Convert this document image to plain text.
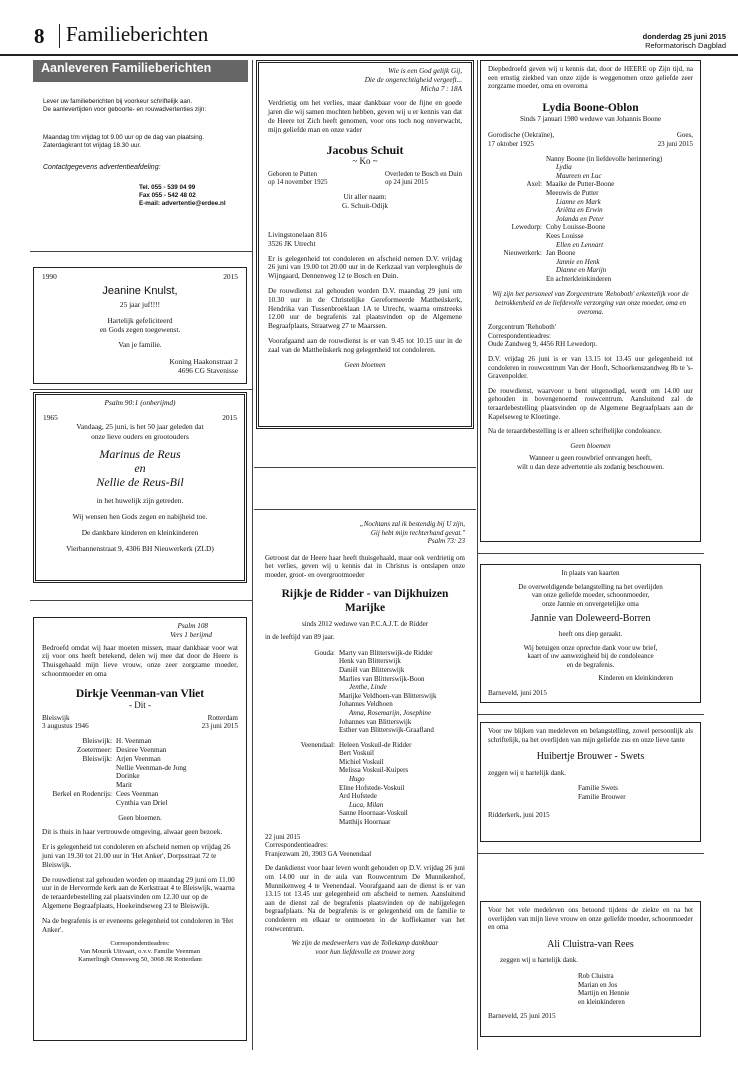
8 Familieberichten	donderdag 25 juni 2015
Reformatorisch Dagblad
Aanleveren Familieberichten
Lever uw familieberichten bij voorkeur schriftelijk aan.
De aanlevertijden voor geboorte- en rouwadvertenties zijn:
Maandag t/m vrijdag tot 9.00 uur op de dag van plaatsing.
Zaterdagkrant tot vrijdag 18.30 uur.
Contactgegevens advertentieafdeling:
Tel. 055 - 539 04 99
Fax 055 - 542 48 02
E-mail: advertentie@erdee.nl
1990	2015
Jeanine Knulst,
25 jaar juf!!!!
Hartelijk gefeliciteerd
en Gods zegen toegewenst.
Van je familie.
Koning Haakonstraat 2
4696 CG Stavenisse
Psalm 90:1 (onberijmd)
1965	2015
Vandaag, 25 juni, is het 50 jaar geleden dat
onze lieve ouders en grootouders
Marinus de Reus
en
Nellie de Reus-Bil
in het huwelijk zijn getreden.
Wij wensen hen Gods zegen en nabijheid toe.
De dankbare kinderen en kleinkinderen
Vierbannenstraat 9, 4306 BH Nieuwerkerk (ZLD)
Psalm 108
Vers 1 berijmd
Bedroefd omdat wij haar moeten missen, maar dankbaar voor wat zij voor ons heeft betekend, delen wij mee dat door de Heere is Thuisgehaald mijn lieve vrouw, onze zeer zorgzame moeder, schoonmoeder en oma
Dirkje Veenman-van Vliet
- Dit -
Bleiswijk	Rotterdam
3 augustus 1946	23 juni 2015
Bleiswijk: H. Veenman
Zoetermeer: Desiree Veenman
Bleiswijk: Arjen Veenman
Nellie Veenman-de Jong
Dorinke
Marit
Berkel en Rodenrijs: Cees Veenman
Cynthia van Driel
Geen bloemen.
Dit is thuis in haar vertrouwde omgeving, alwaar geen bezoek.
Er is gelegenheid tot condoleren en afscheid nemen op vrijdag 26 juni van 19.30 tot 21.00 uur in 'Het Anker', Dorpsstraat 72 te Bleiswijk.
De rouwdienst zal gehouden worden op maandag 29 juni om 11.00 uur in de Hervormde kerk aan de Kerkstraat 4 te Bleiswijk, waarna de teraardebestelling zal plaatsvinden om 12.30 uur op de Algemene Begraafplaats, Hoekeindseweg 23 te Bleiswijk.
Na de begrafenis is er eveneens gelegenheid tot condoleren in 'Het Anker'.
Correspondentieadres:
Van Mourik Uitvaart, o.v.v. Familie Veenman
Kamerlingh Onnesweg 50, 3068 JR Rotterdam
Wie is een God gelijk Gij,
Die de ongerechtigheid vergeeft...
Micha 7 : 18A
Verdrietig om het verlies, maar dankbaar voor de fijne en goede jaren die wij samen mochten hebben, geven wij u er kennis van dat de Heere tot Zich heeft genomen, voor ons toch nog onverwacht, mijn geliefde man en onze vader
Jacobus Schuit
~ Ko ~
Geboren te Putten
op 14 november 1925
Overleden te Bosch en Duin
op 24 juni 2015
Uit aller naam:
G. Schuit-Odijk
Livingstonelaan 816
3526 JK Utrecht
Er is gelegenheid tot condoleren en afscheid nemen D.V. vrijdag 26 juni van 19.00 tot 20.00 uur in de Kerkzaal van verpleeghuis de Wijngaard, Dennenweg 12 te Bosch en Duin.
De rouwdienst zal gehouden worden D.V. maandag 29 juni om 10.30 uur in de Christelijke Gereformeerde Mattheüskerk, Hendrika van Tussenbroeklaan 1A te Utrecht, waarna omstreeks 12.00 uur de begrafenis zal plaatsvinden op de Algemene Begraafplaats, Straatweg 27 te Maarssen.
Voorafgaand aan de rouwdienst is er van 9.45 tot 10.15 uur in de zaal van de Mattheüskerk nog gelegenheid tot condoleren.
Geen bloemen
„Nochtans zal ik bestendig bij U zijn,
Gij hebt mijn rechterhand gevat."
Psalm 73: 23
Getroost dat de Heere haar heeft thuisgehaald, maar ook verdrietig om het verlies, geven wij u kennis dat in Christus is ontslapen onze moeder, groot- en overgrootmoeder
Rijkje de Ridder - van Dijkhuizen
Marijke
sinds 2012 weduwe van P.C.A.J.T. de Ridder
in de leeftijd van 89 jaar.
Gouda: Marty van Blitterswijk-de Ridder
Henk van Blitterswijk
Daniël van Blitterswijk
Marlies van Blitterswijk-Boon
Jenthe, Linde
Marijke Veldhoen-van Blitterswijk
Johannes Veldhoen
Anna, Rosemarijn, Josephine
Johannes van Blitterswijk
Esther van Blitterswijk-Graafland
Veenendaal: Heleen Voskuil-de Ridder
Bert Voskuil
Michiel Voskuil
Melissa Voskuil-Kuipers
Hugo
Eline Hofstede-Voskuil
Ard Hofstede
Luca, Milan
Sanne Hoornaar-Voskuil
Matthijs Hoornaar
22 juni 2015
Correspondentieadres:
Franjezwam 20, 3903 GA Veenendaal
De dankdienst voor haar leven wordt gehouden op D.V. vrijdag 26 juni om 14.00 uur in de aula van Rouwcentrum De Munnikenhof, Munnikenweg 4 te Veenendaal. Voorafgaand aan de dienst is er van 13.15 tot 13.45 uur gelegenheid om afscheid te nemen. Aansluitend aan de dienst zal de begrafenis plaatsvinden op de nabijgelegen begraafplaats. Na de begrafenis is er gelegenheid om de familie te condoleren en elkaar te ontmoeten in de koffiekamer van het rouwcentrum.
We zijn de medewerkers van de Tollekamp dankbaar
voor hun liefdevolle en trouwe zorg
Diepbedroefd geven wij u kennis dat, door de HEERE op Zijn tijd, na een ernstig ziekbed van onze zijde is weggenomen onze geliefde zeer zorgzame moeder, oma en overoma
Lydia Boone-Oblon
Sinds 7 januari 1980 weduwe van Johannis Boone
Gorodische (Oekraïne),	Goes,
17 oktober 1925	23 juni 2015
Nanny Boone (in liefdevolle herinnering)
Lydia
Maureen en Luc
Axel: Maaike de Putter-Boone
Meeuwis de Putter
Lianne en Mark
Ariëtta en Erwin
Jolanda en Peter
Lewedorp: Coby Louisse-Boone
Kees Louisse
Ellen en Lennart
Nieuwerkerk: Jan Boone
Jannie en Henk
Dianne en Marijn
En achterkleinkinderen
Wij zijn het personeel van Zorgcentrum 'Rehoboth' erkentelijk voor de betrokkenheid en de liefdevolle verzorging van onze moeder, oma en overoma.
Zorgcentrum 'Rehoboth'
Correspondentieadres:
Oude Zandweg 9, 4456 RH Lewedorp.
D.V. vrijdag 26 juni is er van 13.15 tot 13.45 uur gelegenheid tot condoleren in rouwcentrum Van der Hooft, Schoorkenszandweg 8b te 's-Gravenpolder.
De rouwdienst, waarvoor u bent uitgenodigd, wordt om 14.00 uur gehouden in bovengenoemd rouwcentrum. Aansluitend zal de teraardebestelling plaatsvinden op de Algemene Begraafplaats aan de Kapelseweg te Kloetinge.
Na de teraardebestelling is er alleen schriftelijke condoleance.
Geen bloemen
Wanneer u geen rouwbrief ontvangen heeft,
wilt u dan deze advertentie als zodanig beschouwen.
In plaats van kaarten
De overweldigende belangstelling na het overlijden
van onze geliefde moeder, schoonmoeder,
onze Jannie en onvergetelijke oma
Jannie van Doleweerd-Borren
heeft ons diep geraakt.
Wij betuigen onze oprechte dank voor uw brief,
kaart of uw aanwezigheid bij de condoleance
en de begrafenis.
Kinderen en kleinkinderen
Barneveld, juni 2015
Voor uw blijken van medeleven en belangstelling, zowel persoonlijk als schriftelijk, na het overlijden van mijn geliefde zus en onze lieve tante
Huibertje Brouwer - Swets
zeggen wij u hartelijk dank.
Familie Swets
Familie Brouwer
Ridderkerk, juni 2015
Voor het vele medeleven ons betoond tijdens de ziekte en na het overlijden van mijn lieve vrouw en onze geliefde moeder, schoonmoeder en oma
Ali Cluistra-van Rees
zeggen wij u hartelijk dank.
Rob Cluistra
Marian en Jos
Martijn en Hennie
en kleinkinderen
Barneveld, 25 juni 2015
